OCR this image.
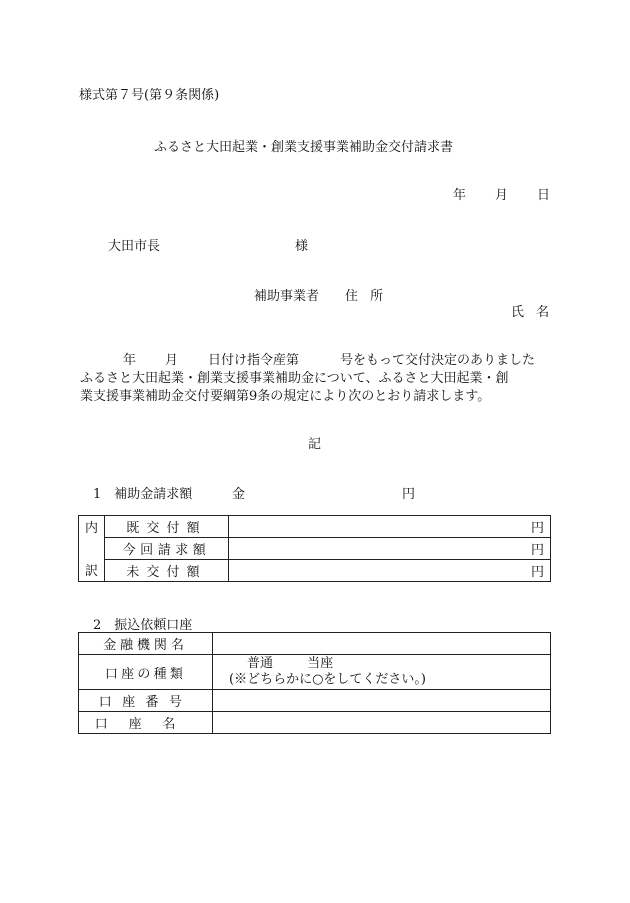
様式第７号(第９条関係)
ふるさと大田起業・創業支援事業補助金交付請求書
年 月 日
大田市長	様
補助事業者 住 所
氏 名
年 月 日付け指令産第	号をもって交付決定のありました
ふるさと大田起業・創業支援事業補助金について、ふるさと大田起業・創
業支援事業補助金交付要綱第9条の規定により次のとおり請求します。
記
1　補助金請求額	金	円
内
訳	既交付額	円
	今回請求額	円
	未交付額	円
2　振込依頼口座
金融機関名	
口座の種類	普通 当座
(※どちらかに○をしてください。)

口座番号	
口座名	
